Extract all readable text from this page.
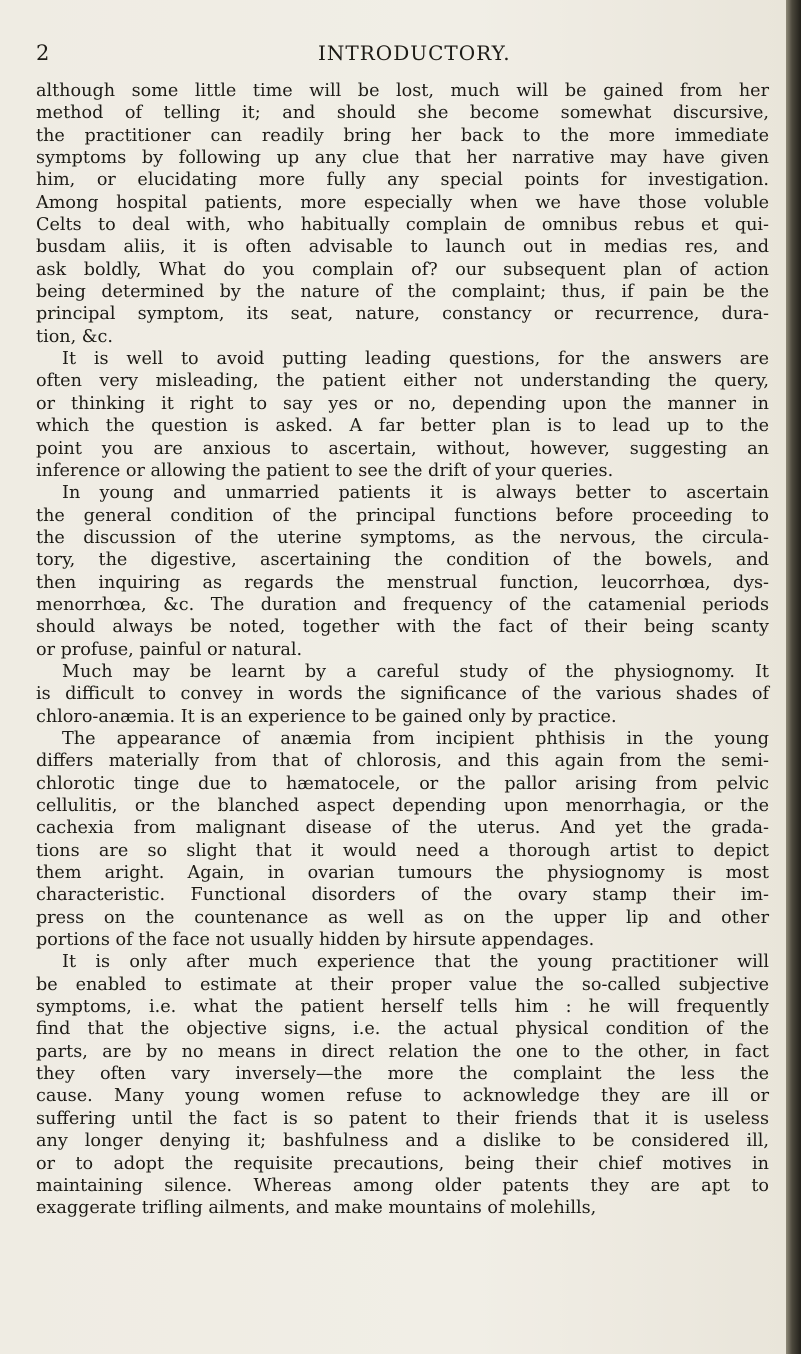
2	INTRODUCTORY.
although some little time will be lost, much will be gained from her
method of telling it; and should she become somewhat discursive,
the practitioner can readily bring her back to the more immediate
symptoms by following up any clue that her narrative may have given
him, or elucidating more fully any special points for investigation.
Among hospital patients, more especially when we have those voluble
Celts to deal with, who habitually complain de omnibus rebus et qui-
busdam aliis, it is often advisable to launch out in medias res, and
ask boldly, What do you complain of? our subsequent plan of action
being determined by the nature of the complaint; thus, if pain be the
principal symptom, its seat, nature, constancy or recurrence, dura-
tion, &c.
It is well to avoid putting leading questions, for the answers are
often very misleading, the patient either not understanding the query,
or thinking it right to say yes or no, depending upon the manner in
which the question is asked. A far better plan is to lead up to the
point you are anxious to ascertain, without, however, suggesting an
inference or allowing the patient to see the drift of your queries.
In young and unmarried patients it is always better to ascertain
the general condition of the principal functions before proceeding to
the discussion of the uterine symptoms, as the nervous, the circula-
tory, the digestive, ascertaining the condition of the bowels, and
then inquiring as regards the menstrual function, leucorrhœa, dys-
menorrhœa, &c. The duration and frequency of the catamenial periods
should always be noted, together with the fact of their being scanty
or profuse, painful or natural.
Much may be learnt by a careful study of the physiognomy. It
is difficult to convey in words the significance of the various shades of
chloro-anæmia. It is an experience to be gained only by practice.
The appearance of anæmia from incipient phthisis in the young
differs materially from that of chlorosis, and this again from the semi-
chlorotic tinge due to hæmatocele, or the pallor arising from pelvic
cellulitis, or the blanched aspect depending upon menorrhagia, or the
cachexia from malignant disease of the uterus. And yet the grada-
tions are so slight that it would need a thorough artist to depict
them aright. Again, in ovarian tumours the physiognomy is most
characteristic. Functional disorders of the ovary stamp their im-
press on the countenance as well as on the upper lip and other
portions of the face not usually hidden by hirsute appendages.
It is only after much experience that the young practitioner will
be enabled to estimate at their proper value the so-called subjective
symptoms, i.e. what the patient herself tells him : he will frequently
find that the objective signs, i.e. the actual physical condition of the
parts, are by no means in direct relation the one to the other, in fact
they often vary inversely—the more the complaint the less the
cause. Many young women refuse to acknowledge they are ill or
suffering until the fact is so patent to their friends that it is useless
any longer denying it; bashfulness and a dislike to be considered ill,
or to adopt the requisite precautions, being their chief motives in
maintaining silence. Whereas among older patents they are apt to
exaggerate trifling ailments, and make mountains of molehills,
